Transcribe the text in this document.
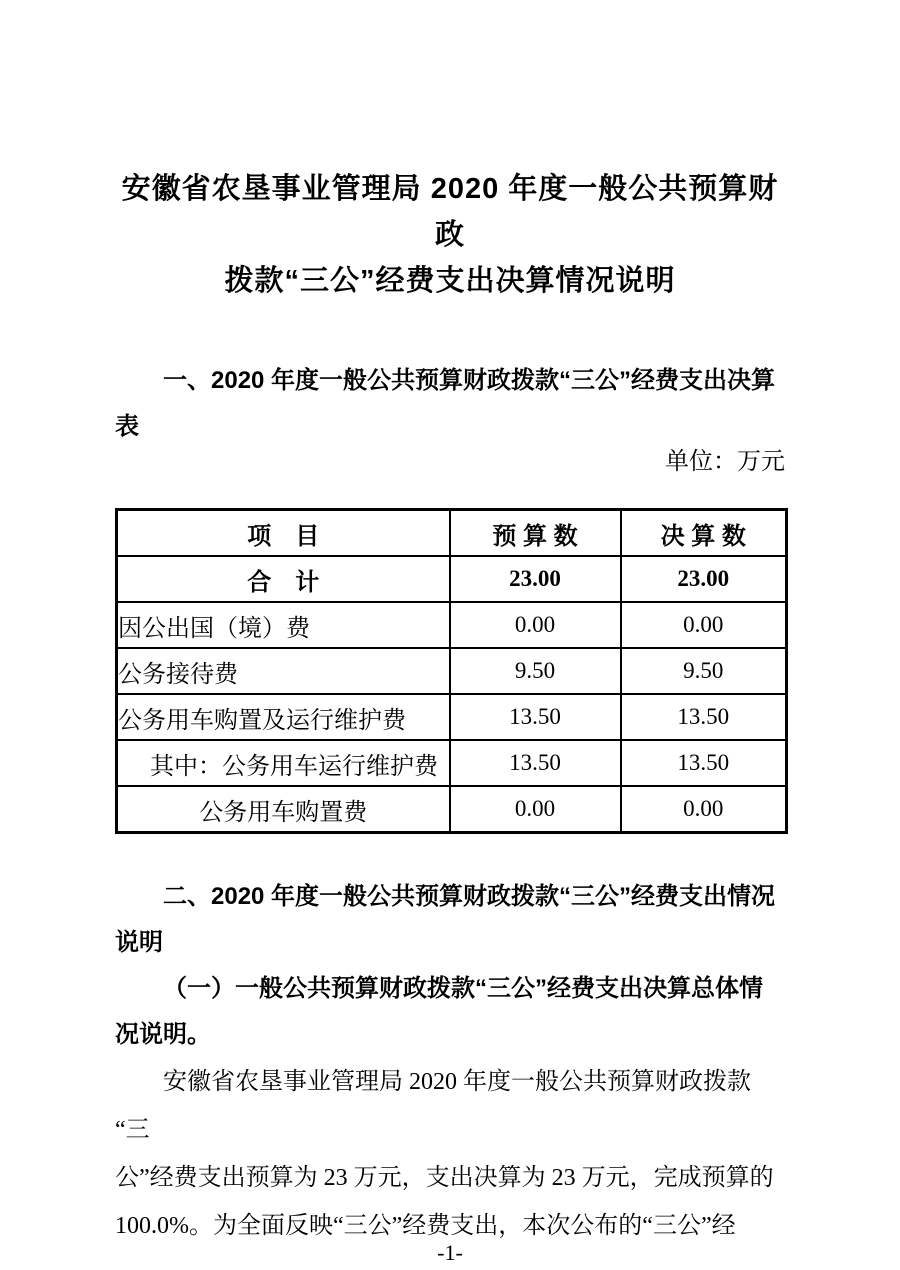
安徽省农垦事业管理局 2020 年度一般公共预算财政
拨款“三公”经费支出决算情况说明
一、2020 年度一般公共预算财政拨款“三公”经费支出决算
表
单位：万元
项　目	预 算 数	决 算 数
合　计	23.00	23.00
因公出国（境）费	0.00	0.00
公务接待费	9.50	9.50
公务用车购置及运行维护费	13.50	13.50
其中：公务用车运行维护费	13.50	13.50
公务用车购置费	0.00	0.00
二、2020 年度一般公共预算财政拨款“三公”经费支出情况
说明
（一）一般公共预算财政拨款“三公”经费支出决算总体情
况说明。
安徽省农垦事业管理局 2020 年度一般公共预算财政拨款“三
公”经费支出预算为 23 万元，支出决算为 23 万元，完成预算的
100.0%。为全面反映“三公”经费支出，本次公布的“三公”经
-1-
